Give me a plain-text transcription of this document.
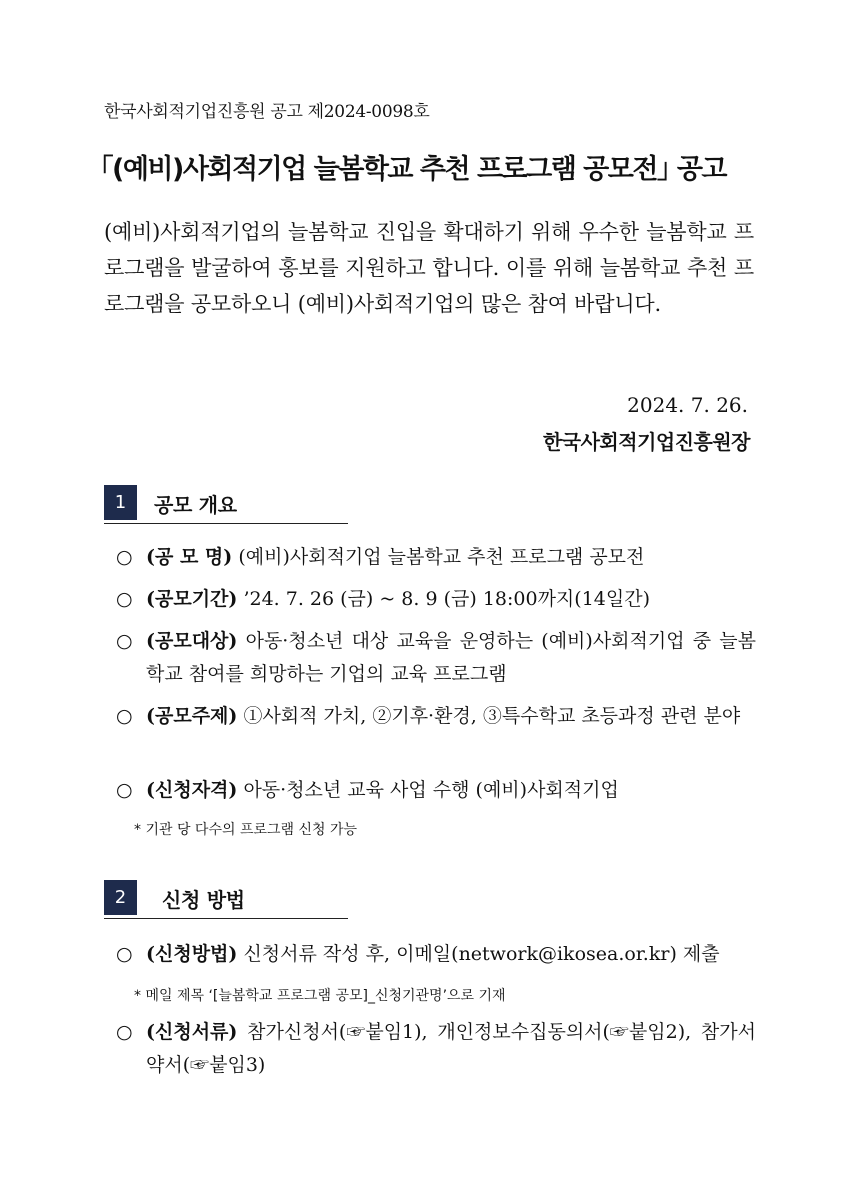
한국사회적기업진흥원 공고 제2024-0098호
｢(예비)사회적기업 늘봄학교 추천 프로그램 공모전｣ 공고
(예비)사회적기업의 늘봄학교 진입을 확대하기 위해 우수한 늘봄학교 프로그램을 발굴하여 홍보를 지원하고 합니다. 이를 위해 늘봄학교 추천 프로그램을 공모하오니 (예비)사회적기업의 많은 참여 바랍니다.
2024. 7. 26.
한국사회적기업진흥원장
1	공모 개요
○ (공 모 명) (예비)사회적기업 늘봄학교 추천 프로그램 공모전
○ (공모기간) ’24. 7. 26 (금) ~ 8. 9 (금) 18:00까지(14일간)
○ (공모대상) 아동·청소년 대상 교육을 운영하는 (예비)사회적기업 중 늘봄학교 참여를 희망하는 기업의 교육 프로그램
○ (공모주제) ①사회적 가치, ②기후·환경, ③특수학교 초등과정 관련 분야
○ (신청자격) 아동·청소년 교육 사업 수행 (예비)사회적기업
* 기관 당 다수의 프로그램 신청 가능
2	신청 방법
○ (신청방법) 신청서류 작성 후, 이메일(network@ikosea.or.kr) 제출
* 메일 제목 ‘[늘봄학교 프로그램 공모]_신청기관명’으로 기재
○ (신청서류) 참가신청서(☞붙임1), 개인정보수집동의서(☞붙임2), 참가서약서(☞붙임3)
